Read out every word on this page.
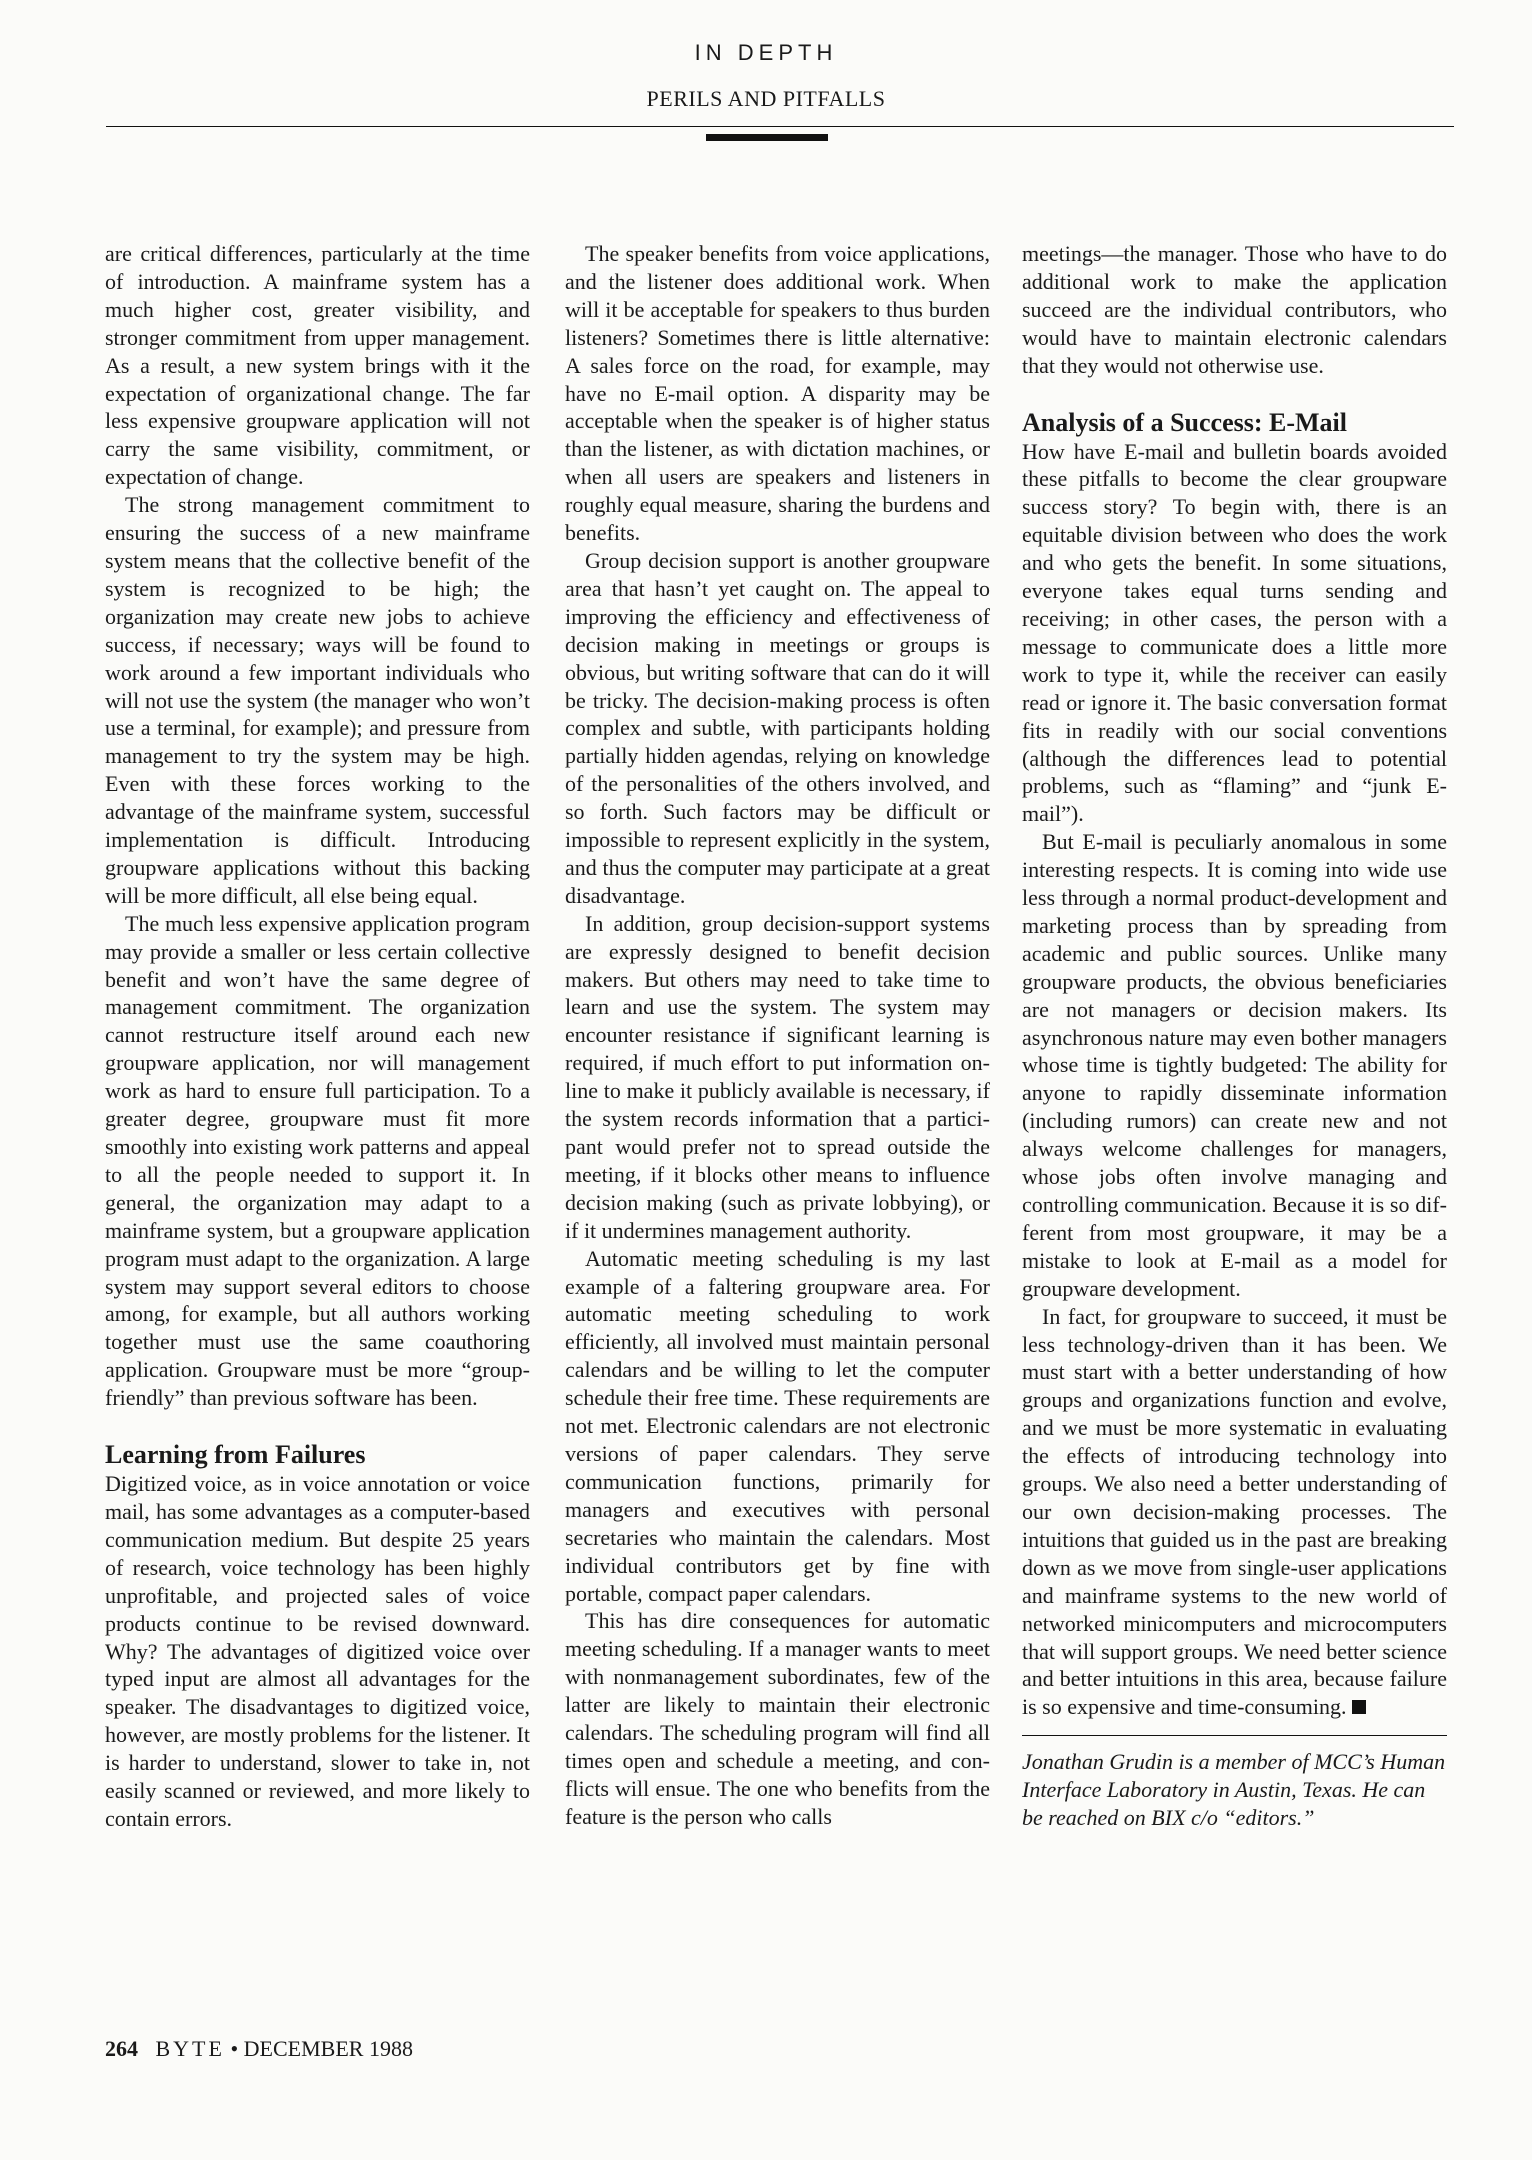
IN DEPTH
PERILS AND PITFALLS

are critical differences, particularly at the time of introduction. A mainframe system has a much higher cost, greater visibility, and stronger commitment from upper management. As a result, a new system brings with it the expectation of organizational change. The far less expensive groupware application will not carry the same visibility, commitment, or expectation of change.

The strong management commitment to ensuring the success of a new mainframe system means that the collective benefit of the system is recognized to be high; the organization may create new jobs to achieve success, if necessary; ways will be found to work around a few important individuals who will not use the system (the manager who won’t use a terminal, for example); and pressure from management to try the system may be high. Even with these forces working to the advantage of the mainframe system, successful implementation is difficult. Introducing groupware applications without this backing will be more difficult, all else being equal.

The much less expensive application program may provide a smaller or less certain collective benefit and won’t have the same degree of management commitment. The organization cannot restructure itself around each new groupware application, nor will management work as hard to ensure full participation. To a greater degree, groupware must fit more smoothly into existing work patterns and appeal to all the people needed to support it. In general, the organization may adapt to a mainframe system, but a groupware application program must adapt to the organization. A large system may support several editors to choose among, for example, but all authors working together must use the same coauthoring application. Groupware must be more “group-friendly” than previous software has been.

Learning from Failures

Digitized voice, as in voice annotation or voice mail, has some advantages as a computer-based communication medium. But despite 25 years of research, voice technology has been highly unprofitable, and projected sales of voice products continue to be revised downward. Why? The advantages of digitized voice over typed input are almost all advantages for the speaker. The disadvantages to digitized voice, however, are mostly problems for the listener. It is harder to understand, slower to take in, not easily scanned or reviewed, and more likely to contain errors.

The speaker benefits from voice applications, and the listener does additional work. When will it be acceptable for speakers to thus burden listeners? Sometimes there is little alternative: A sales force on the road, for example, may have no E-mail option. A disparity may be acceptable when the speaker is of higher status than the listener, as with dictation machines, or when all users are speakers and listeners in roughly equal measure, sharing the burdens and benefits.

Group decision support is another groupware area that hasn’t yet caught on. The appeal to improving the efficiency and effectiveness of decision making in meetings or groups is obvious, but writing software that can do it will be tricky. The decision-making process is often complex and subtle, with participants holding partially hidden agendas, relying on knowledge of the personalities of the others involved, and so forth. Such factors may be difficult or impossible to represent explicitly in the system, and thus the computer may participate at a great disadvantage.

In addition, group decision-support systems are expressly designed to benefit decision makers. But others may need to take time to learn and use the system. The system may encounter resistance if significant learning is required, if much effort to put information on-line to make it publicly available is necessary, if the system records information that a participant would prefer not to spread outside the meeting, if it blocks other means to influence decision making (such as private lobbying), or if it undermines management authority.

Automatic meeting scheduling is my last example of a faltering groupware area. For automatic meeting scheduling to work efficiently, all involved must maintain personal calendars and be willing to let the computer schedule their free time. These requirements are not met. Electronic calendars are not electronic versions of paper calendars. They serve communication functions, primarily for managers and executives with personal secretaries who maintain the calendars. Most individual contributors get by fine with portable, compact paper calendars.

This has dire consequences for automatic meeting scheduling. If a manager wants to meet with nonmanagement subordinates, few of the latter are likely to maintain their electronic calendars. The scheduling program will find all times open and schedule a meeting, and conflicts will ensue. The one who benefits from the feature is the person who calls

meetings—the manager. Those who have to do additional work to make the application succeed are the individual contributors, who would have to maintain electronic calendars that they would not otherwise use.

Analysis of a Success: E-Mail

How have E-mail and bulletin boards avoided these pitfalls to become the clear groupware success story? To begin with, there is an equitable division between who does the work and who gets the benefit. In some situations, everyone takes equal turns sending and receiving; in other cases, the person with a message to communicate does a little more work to type it, while the receiver can easily read or ignore it. The basic conversation format fits in readily with our social conventions (although the differences lead to potential problems, such as “flaming” and “junk E-mail”).

But E-mail is peculiarly anomalous in some interesting respects. It is coming into wide use less through a normal product-development and marketing process than by spreading from academic and public sources. Unlike many groupware products, the obvious beneficiaries are not managers or decision makers. Its asynchronous nature may even bother managers whose time is tightly budgeted: The ability for anyone to rapidly disseminate information (including rumors) can create new and not always welcome challenges for managers, whose jobs often involve managing and controlling communication. Because it is so different from most groupware, it may be a mistake to look at E-mail as a model for groupware development.

In fact, for groupware to succeed, it must be less technology-driven than it has been. We must start with a better understanding of how groups and organizations function and evolve, and we must be more systematic in evaluating the effects of introducing technology into groups. We also need a better understanding of our own decision-making processes. The intuitions that guided us in the past are breaking down as we move from single-user applications and mainframe systems to the new world of networked minicomputers and microcomputers that will support groups. We need better science and better intuitions in this area, because failure is so expensive and time-consuming.

Jonathan Grudin is a member of MCC’s Human Interface Laboratory in Austin, Texas. He can be reached on BIX c/o “editors.”

264 BYTE • DECEMBER 1988
